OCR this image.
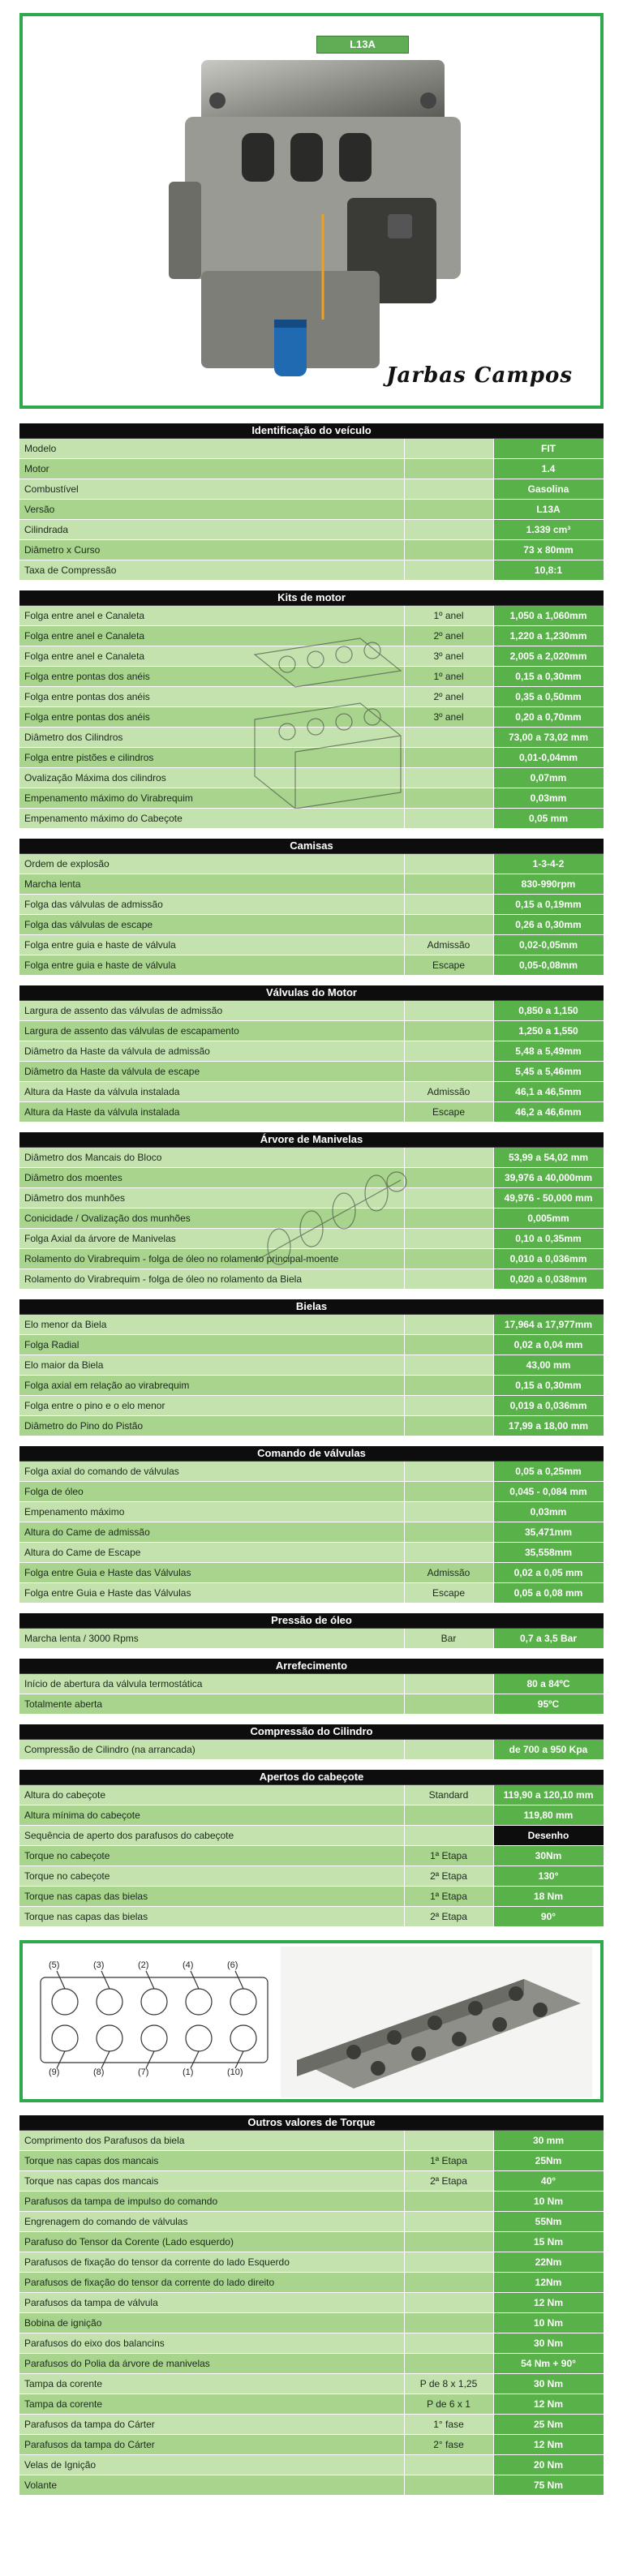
L13A
Jarbas Campos
Identificação do veículo
Modelo		FIT
Motor		1.4
Combustível		Gasolina
Versão		L13A
Cilindrada		1.339 cm³
Diâmetro x Curso		73 x 80mm
Taxa de Compressão		10,8:1
Kits de motor
Folga entre anel e Canaleta	1º anel	1,050 a 1,060mm
Folga entre anel e Canaleta	2º anel	1,220 a 1,230mm
Folga entre anel e Canaleta	3º anel	2,005 a 2,020mm
Folga entre pontas dos anéis	1º anel	0,15 a 0,30mm
Folga entre pontas dos anéis	2º anel	0,35 a 0,50mm
Folga entre pontas dos anéis	3º anel	0,20 a 0,70mm
Diâmetro dos Cilindros		73,00 a 73,02 mm
Folga entre pistões e cilindros		0,01-0,04mm
Ovalização Máxima dos cilindros		0,07mm
Empenamento máximo do Virabrequim		0,03mm
Empenamento máximo do Cabeçote		0,05 mm
Camisas
Ordem de explosão		1-3-4-2
Marcha lenta		830-990rpm
Folga das válvulas de admissão		0,15 a 0,19mm
Folga das válvulas de escape		0,26 a 0,30mm
Folga entre guia e haste de válvula	Admissão	0,02-0,05mm
Folga entre guia e haste de válvula	Escape	0,05-0,08mm
Válvulas do Motor
Largura de assento das válvulas de admissão		0,850 a 1,150
Largura de assento das válvulas de escapamento		1,250 a 1,550
Diâmetro da Haste da válvula de admissão		5,48 a 5,49mm
Diâmetro da Haste da válvula de escape		5,45 a 5,46mm
Altura da Haste da válvula instalada	Admissão	46,1 a 46,5mm
Altura da Haste da válvula instalada	Escape	46,2 a 46,6mm
Árvore de Manivelas
Diâmetro dos Mancais do Bloco		53,99 a 54,02 mm
Diâmetro dos moentes		39,976 a 40,000mm
Diâmetro dos munhões		49,976 - 50,000 mm
Conicidade / Ovalização dos munhões		0,005mm
Folga Axial da árvore de Manivelas		0,10 a 0,35mm
Rolamento do Virabrequim - folga de óleo no rolamento principal-moente		0,010 a 0,036mm
Rolamento do Virabrequim - folga de óleo no rolamento da Biela		0,020 a 0,038mm
Bielas
Elo menor da Biela		17,964 a 17,977mm
Folga Radial		0,02 a 0,04 mm
Elo maior da Biela		43,00 mm
Folga axial em relação ao virabrequim		0,15 a 0,30mm
Folga entre o pino e o elo menor		0,019 a 0,036mm
Diâmetro do Pino do Pistão		17,99 a 18,00 mm
Comando de válvulas
Folga axial do comando de válvulas		0,05 a 0,25mm
Folga de óleo		0,045 - 0,084 mm
Empenamento máximo		0,03mm
Altura do Came de admissão		35,471mm
Altura do Came de Escape		35,558mm
Folga entre Guia e Haste das Válvulas	Admissão	0,02 a 0,05 mm
Folga entre Guia e Haste das Válvulas	Escape	0,05 a 0,08 mm
Pressão de óleo
Marcha lenta / 3000 Rpms	Bar	0,7 a 3,5 Bar
Arrefecimento
Início de abertura da válvula termostática		80 a 84ºC
Totalmente aberta		95ºC
Compressão do Cilindro
Compressão de Cilindro (na arrancada)		de 700 a 950 Kpa
Apertos do cabeçote
Altura do cabeçote	Standard	119,90 a 120,10 mm
Altura mínima do cabeçote		119,80 mm
Sequência de aperto dos parafusos do cabeçote		Desenho
Torque no cabeçote	1ª Etapa	30Nm
Torque no cabeçote	2ª Etapa	130°
Torque nas capas das bielas	1ª Etapa	18 Nm
Torque nas capas das bielas	2ª Etapa	90°
(5)	(3)	(2)	(4)	(6)
(9)	(8)	(7)	(1)	(10)
Outros valores de Torque
Comprimento dos Parafusos da biela		30 mm
Torque nas capas dos mancais	1ª Etapa	25Nm
Torque nas capas dos mancais	2ª Etapa	40°
Parafusos da tampa de impulso do comando		10 Nm
Engrenagem do comando de válvulas		55Nm
Parafuso do Tensor da Corente (Lado esquerdo)		15 Nm
Parafusos de fixação do tensor da corrente do lado Esquerdo		22Nm
Parafusos de fixação do tensor da corrente do lado direito		12Nm
Parafusos da tampa de válvula		12 Nm
Bobina de ignição		10 Nm
Parafusos do eixo dos balancins		30 Nm
Parafusos do Polia da árvore de manivelas		54 Nm + 90°
Tampa da corente	P de 8 x 1,25	30 Nm
Tampa da corente	P de 6 x 1	12 Nm
Parafusos da tampa do Cárter	1° fase	25 Nm
Parafusos da tampa do Cárter	2° fase	12 Nm
Velas de Ignição		20 Nm
Volante		75 Nm
